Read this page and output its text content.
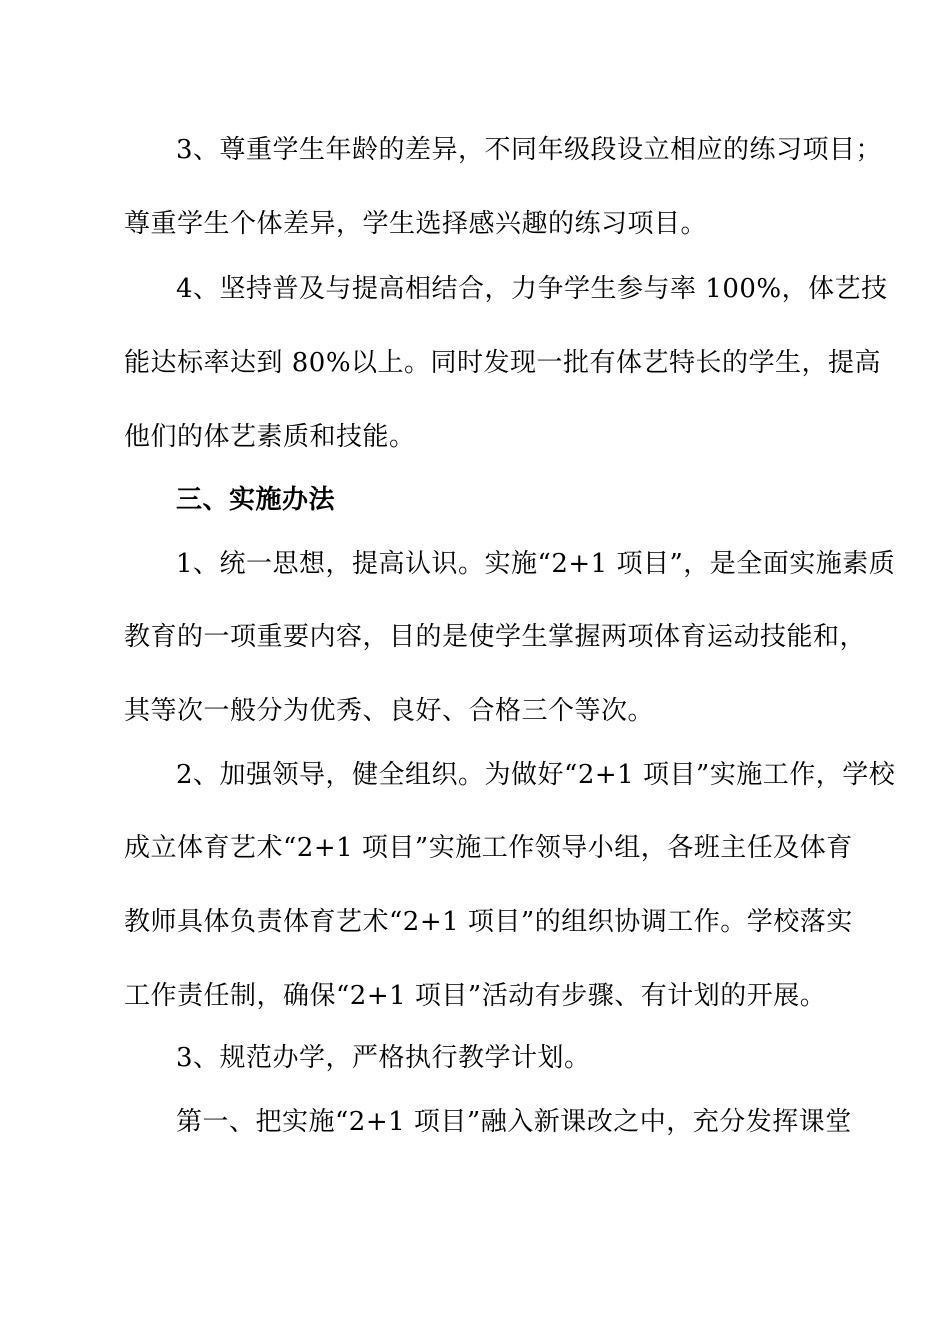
3、尊重学生年龄的差异，不同年级段设立相应的练习项目；
尊重学生个体差异，学生选择感兴趣的练习项目。
4、坚持普及与提高相结合，力争学生参与率 100%，体艺技
能达标率达到 80%以上。同时发现一批有体艺特长的学生，提高
他们的体艺素质和技能。
三、实施办法
1、统一思想，提高认识。实施“2+1 项目”，是全面实施素质
教育的一项重要内容，目的是使学生掌握两项体育运动技能和，
其等次一般分为优秀、良好、合格三个等次。
2、加强领导，健全组织。为做好“2+1 项目”实施工作，学校
成立体育艺术“2+1 项目”实施工作领导小组，各班主任及体育
教师具体负责体育艺术“2+1 项目”的组织协调工作。学校落实
工作责任制，确保“2+1 项目”活动有步骤、有计划的开展。
3、规范办学，严格执行教学计划。
第一、把实施“2+1 项目”融入新课改之中，充分发挥课堂
